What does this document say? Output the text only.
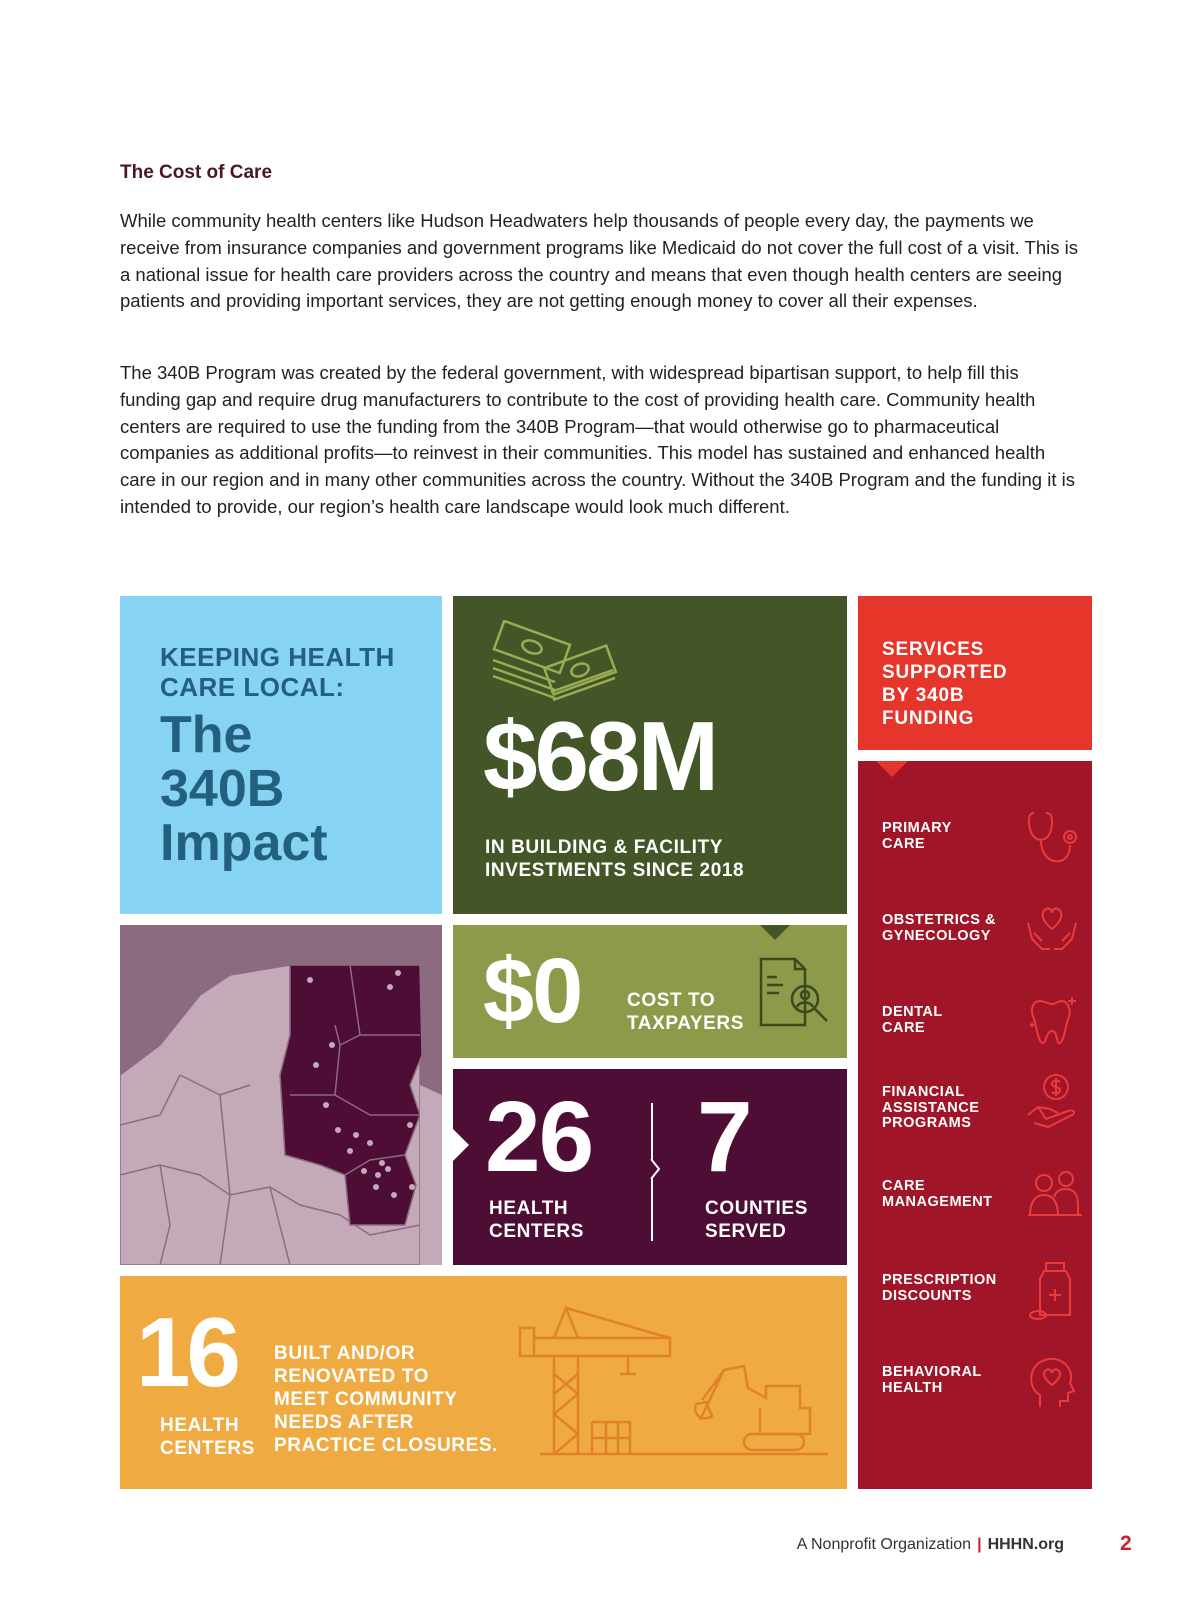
The Cost of Care

While community health centers like Hudson Headwaters help thousands of people every day, the payments we receive from insurance companies and government programs like Medicaid do not cover the full cost of a visit. This is a national issue for health care providers across the country and means that even though health centers are seeing patients and providing important services, they are not getting enough money to cover all their expenses.

The 340B Program was created by the federal government, with widespread bipartisan support, to help fill this funding gap and require drug manufacturers to contribute to the cost of providing health care. Community health centers are required to use the funding from the 340B Program—that would otherwise go to pharmaceutical companies as additional profits—to reinvest in their communities. This model has sustained and enhanced health care in our region and in many other communities across the country. Without the 340B Program and the funding it is intended to provide, our region’s health care landscape would look much different.

KEEPING HEALTH CARE LOCAL:
The
340B
Impact
$68M
IN BUILDING & FACILITY
INVESTMENTS SINCE 2018
SERVICES
SUPPORTED
BY 340B
FUNDING
PRIMARY
CARE
OBSTETRICS &
GYNECOLOGY
DENTAL
CARE
FINANCIAL
ASSISTANCE
PROGRAMS
CARE
MANAGEMENT
PRESCRIPTION
DISCOUNTS
BEHAVIORAL
HEALTH
$0 COST TO
TAXPAYERS
26
HEALTH
CENTERS
7
COUNTIES
SERVED
16
HEALTH
CENTERS
BUILT AND/OR
RENOVATED TO
MEET COMMUNITY
NEEDS AFTER
PRACTICE CLOSURES.
A Nonprofit Organization | HHHN.org	2
